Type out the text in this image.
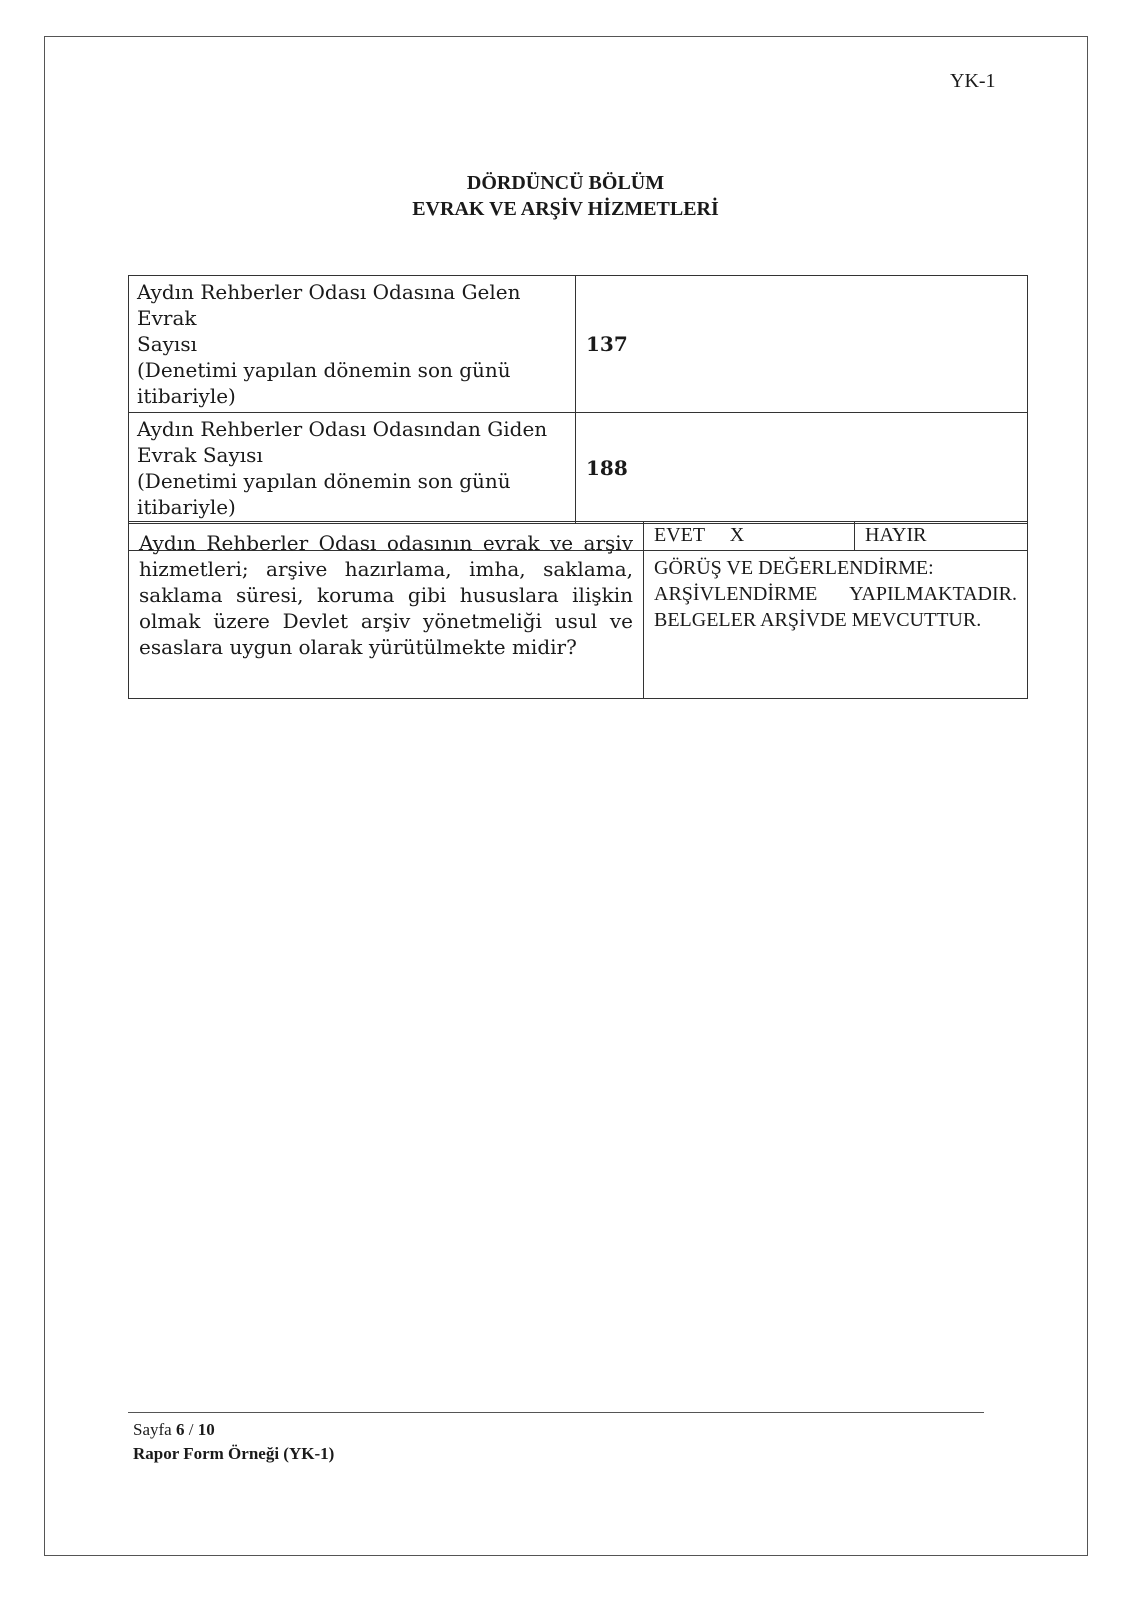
YK-1
DÖRDÜNCÜ BÖLÜM
EVRAK VE ARŞİV HİZMETLERİ
Aydın Rehberler Odası Odasına Gelen Evrak
Sayısı
(Denetimi yapılan dönemin son günü
itibariyle)	137

Aydın Rehberler Odası Odasından Giden
Evrak Sayısı
(Denetimi yapılan dönemin son günü
itibariyle)	188

Aydın Rehberler Odası odasının evrak ve arşiv hizmetleri; arşive hazırlama, imha, saklama, saklama süresi, koruma gibi hususlara ilişkin olmak üzere Devlet arşiv yönetmeliği usul ve esaslara uygun olarak yürütülmekte midir?	
EVET X	HAYIR
GÖRÜŞ VE DEĞERLENDİRME:
ARŞİVLENDİRME YAPILMAKTADIR.
BELGELER ARŞİVDE MEVCUTTUR.
Sayfa 6 / 10
Rapor Form Örneği (YK-1)
